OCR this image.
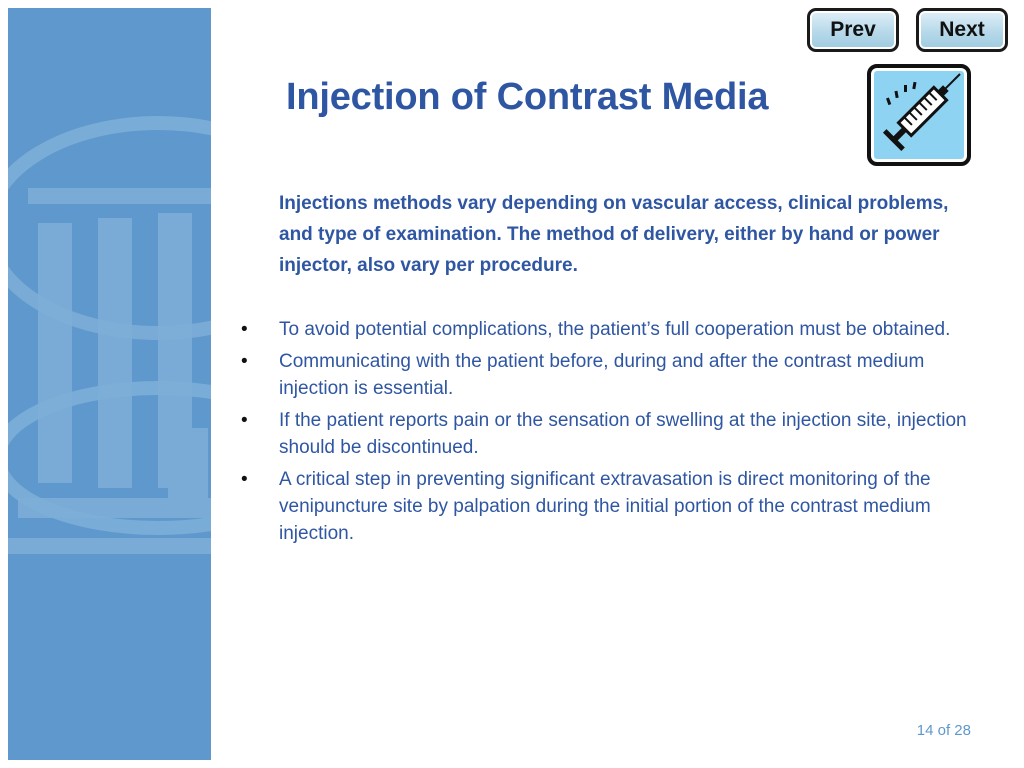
Prev	Next
Injection of Contrast Media

Injections methods vary depending on vascular access, clinical problems, and type of examination. The method of delivery, either by hand or power injector, also vary per procedure.

• To avoid potential complications, the patient’s full cooperation must be obtained.
• Communicating with the patient before, during and after the contrast medium injection is essential.
• If the patient reports pain or the sensation of swelling at the injection site, injection should be discontinued.
• A critical step in preventing significant extravasation is direct monitoring of the venipuncture site by palpation during the initial portion of the contrast medium injection.
14 of 28
